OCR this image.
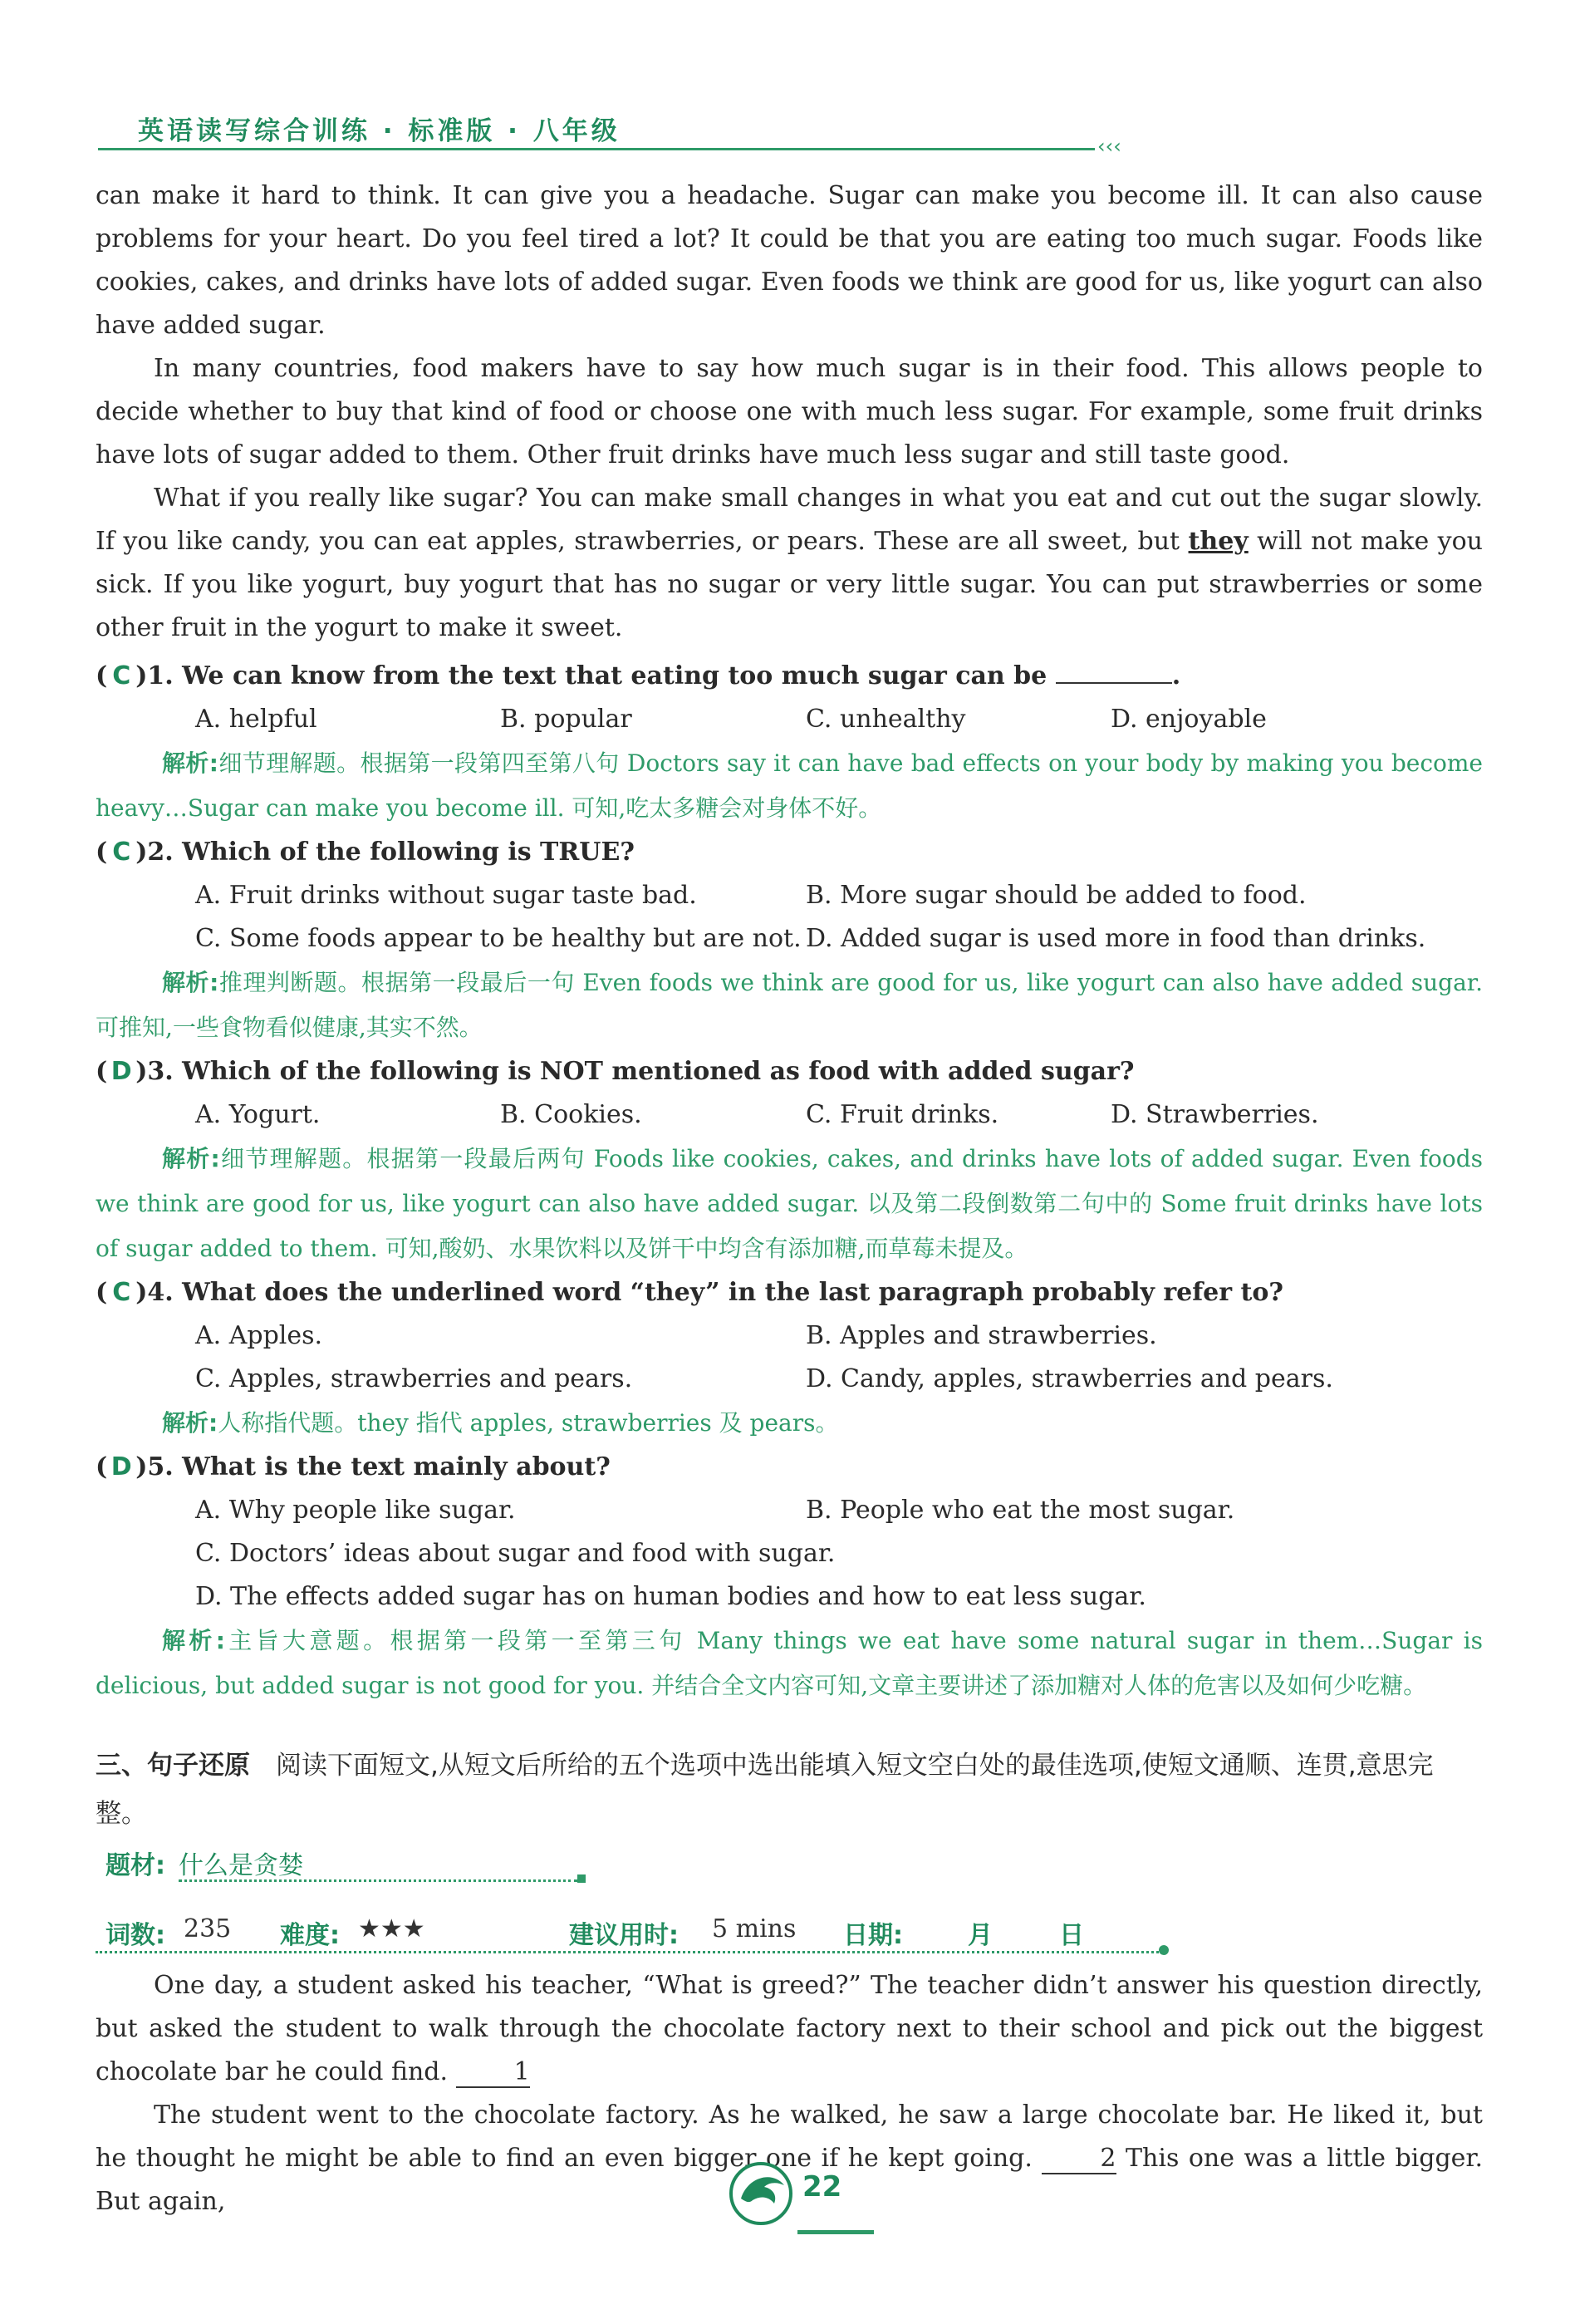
英语读写综合训练 · 标准版 · 八年级	‹‹‹

can make it hard to think. It can give you a headache. Sugar can make you become ill. It can also cause problems for your heart. Do you feel tired a lot? It could be that you are eating too much sugar. Foods like cookies, cakes, and drinks have lots of added sugar. Even foods we think are good for us, like yogurt can also have added sugar.

In many countries, food makers have to say how much sugar is in their food. This allows people to decide whether to buy that kind of food or choose one with much less sugar. For example, some fruit drinks have lots of sugar added to them. Other fruit drinks have much less sugar and still taste good.

What if you really like sugar? You can make small changes in what you eat and cut out the sugar slowly. If you like candy, you can eat apples, strawberries, or pears. These are all sweet, but they will not make you sick. If you like yogurt, buy yogurt that has no sugar or very little sugar. You can put strawberries or some other fruit in the yogurt to make it sweet.

( C )1. We can know from the text that eating too much sugar can be	.
A. helpful	B. popular	C. unhealthy	D. enjoyable

解析:细节理解题。根据第一段第四至第八句 Doctors say it can have bad effects on your body by making you become heavy…Sugar can make you become ill. 可知,吃太多糖会对身体不好。

( C )2. Which of the following is TRUE?
A. Fruit drinks without sugar taste bad.	B. More sugar should be added to food.
C. Some foods appear to be healthy but are not. D. Added sugar is used more in food than drinks.

解析:推理判断题。根据第一段最后一句 Even foods we think are good for us, like yogurt can also have added sugar. 可推知,一些食物看似健康,其实不然。

( D )3. Which of the following is NOT mentioned as food with added sugar?
A. Yogurt.	B. Cookies.	C. Fruit drinks.	D. Strawberries.

解析:细节理解题。根据第一段最后两句 Foods like cookies, cakes, and drinks have lots of added sugar. Even foods we think are good for us, like yogurt can also have added sugar. 以及第二段倒数第二句中的 Some fruit drinks have lots of sugar added to them. 可知,酸奶、水果饮料以及饼干中均含有添加糖,而草莓未提及。

( C )4. What does the underlined word “they” in the last paragraph probably refer to?
A. Apples.	B. Apples and strawberries.
C. Apples, strawberries and pears.	D. Candy, apples, strawberries and pears.

解析:人称指代题。they 指代 apples, strawberries 及 pears。

( D )5. What is the text mainly about?
A. Why people like sugar.	B. People who eat the most sugar.
C. Doctors’ ideas about sugar and food with sugar.
D. The effects added sugar has on human bodies and how to eat less sugar.

解析:主旨大意题。根据第一段第一至第三句 Many things we eat have some natural sugar in them…Sugar is delicious, but added sugar is not good for you. 并结合全文内容可知,文章主要讲述了添加糖对人体的危害以及如何少吃糖。

三、句子还原　 阅读下面短文,从短文后所给的五个选项中选出能填入短文空白处的最佳选项,使短文通顺、连贯,意思完整。

题材: 什么是贪婪
词数: 235 难度: ★★★	建议用时: 5 mins 日期:	月	日

One day, a student asked his teacher, “What is greed?” The teacher didn’t answer his question directly, but asked the student to walk through the chocolate factory next to their school and pick out the biggest chocolate bar he could find.	1

The student went to the chocolate factory. As he walked, he saw a large chocolate bar. He liked it, but he thought he might be able to find an even bigger one if he kept going.	2 This one was a little bigger. But again,	22
